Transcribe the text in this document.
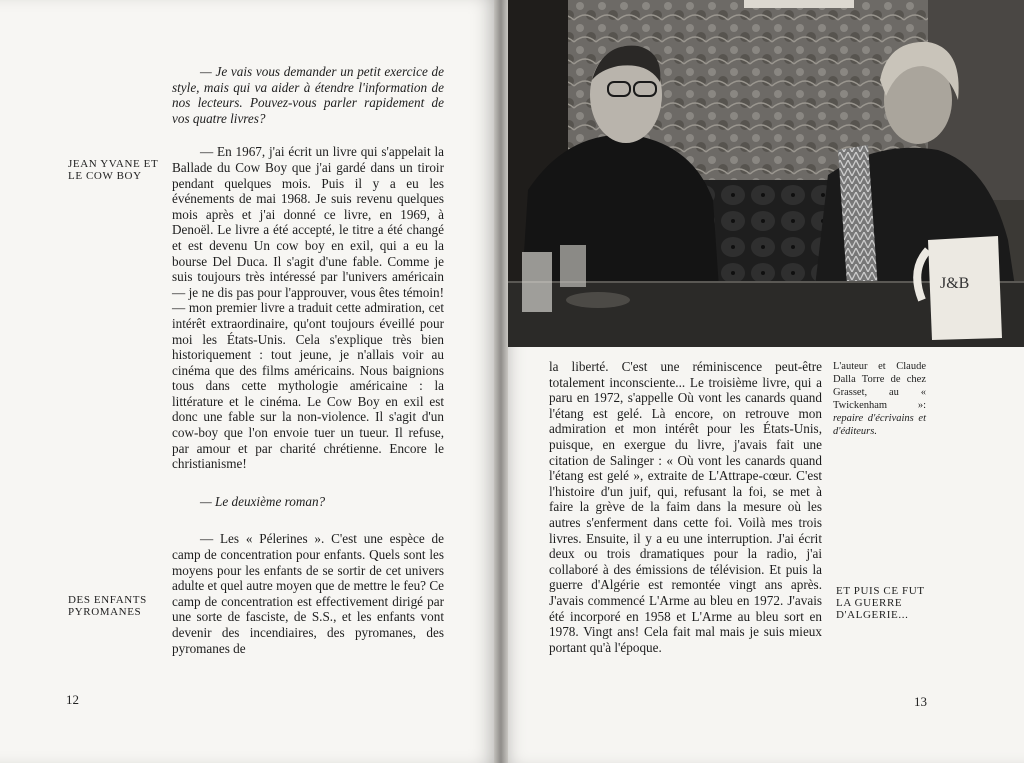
— Je vais vous demander un petit exercice de style, mais qui va aider à étendre l'information de nos lecteurs. Pouvez-vous parler rapidement de vos quatre livres?

— En 1967, j'ai écrit un livre qui s'appelait la Ballade du Cow Boy que j'ai gardé dans un tiroir pendant quelques mois. Puis il y a eu les événements de mai 1968. Je suis revenu quelques mois après et j'ai donné ce livre, en 1969, à Denoël. Le livre a été accepté, le titre a été changé et est devenu Un cow boy en exil, qui a eu la bourse Del Duca. Il s'agit d'une fable. Comme je suis toujours très intéressé par l'univers américain — je ne dis pas pour l'approuver, vous êtes témoin! — mon premier livre a traduit cette admiration, cet intérêt extraordinaire, qu'ont toujours éveillé pour moi les États-Unis. Cela s'explique très bien historiquement : tout jeune, je n'allais voir au cinéma que des films américains. Nous baignions tous dans cette mythologie américaine : la littérature et le cinéma. Le Cow Boy en exil est donc une fable sur la non-violence. Il s'agit d'un cow-boy que l'on envoie tuer un tueur. Il refuse, par amour et par charité chrétienne. Encore le christianisme!

— Le deuxième roman?

— Les « Pélerines ». C'est une espèce de camp de concentration pour enfants. Quels sont les moyens pour les enfants de se sortir de cet univers adulte et quel autre moyen que de mettre le feu? Ce camp de concentration est effectivement dirigé par une sorte de fasciste, de S.S., et les enfants vont devenir des incendiaires, des pyromanes, des pyromanes de

JEAN YVANE ET LE COW BOY
DES ENFANTS PYROMANES
12
J&B

la liberté. C'est une réminiscence peut-être totalement inconsciente... Le troisième livre, qui a paru en 1972, s'appelle Où vont les canards quand l'étang est gelé. Là encore, on retrouve mon admiration et mon intérêt pour les États-Unis, puisque, en exergue du livre, j'avais fait une citation de Salinger : « Où vont les canards quand l'étang est gelé », extraite de L'Attrape-cœur. C'est l'histoire d'un juif, qui, refusant la foi, se met à faire la grève de la faim dans la mesure où les autres s'enferment dans cette foi. Voilà mes trois livres. Ensuite, il y a eu une interruption. J'ai écrit deux ou trois dramatiques pour la radio, j'ai collaboré à des émissions de télévision. Et puis la guerre d'Algérie est remontée vingt ans après. J'avais commencé L'Arme au bleu en 1972. J'avais été incorporé en 1958 et L'Arme au bleu sort en 1978. Vingt ans! Cela fait mal mais je suis mieux portant qu'à l'époque.

L'auteur et Claude Dalla Torre de chez Grasset, au « Twickenham »: repaire d'écrivains et d'éditeurs.
ET PUIS CE FUT LA GUERRE D'ALGERIE...
13
